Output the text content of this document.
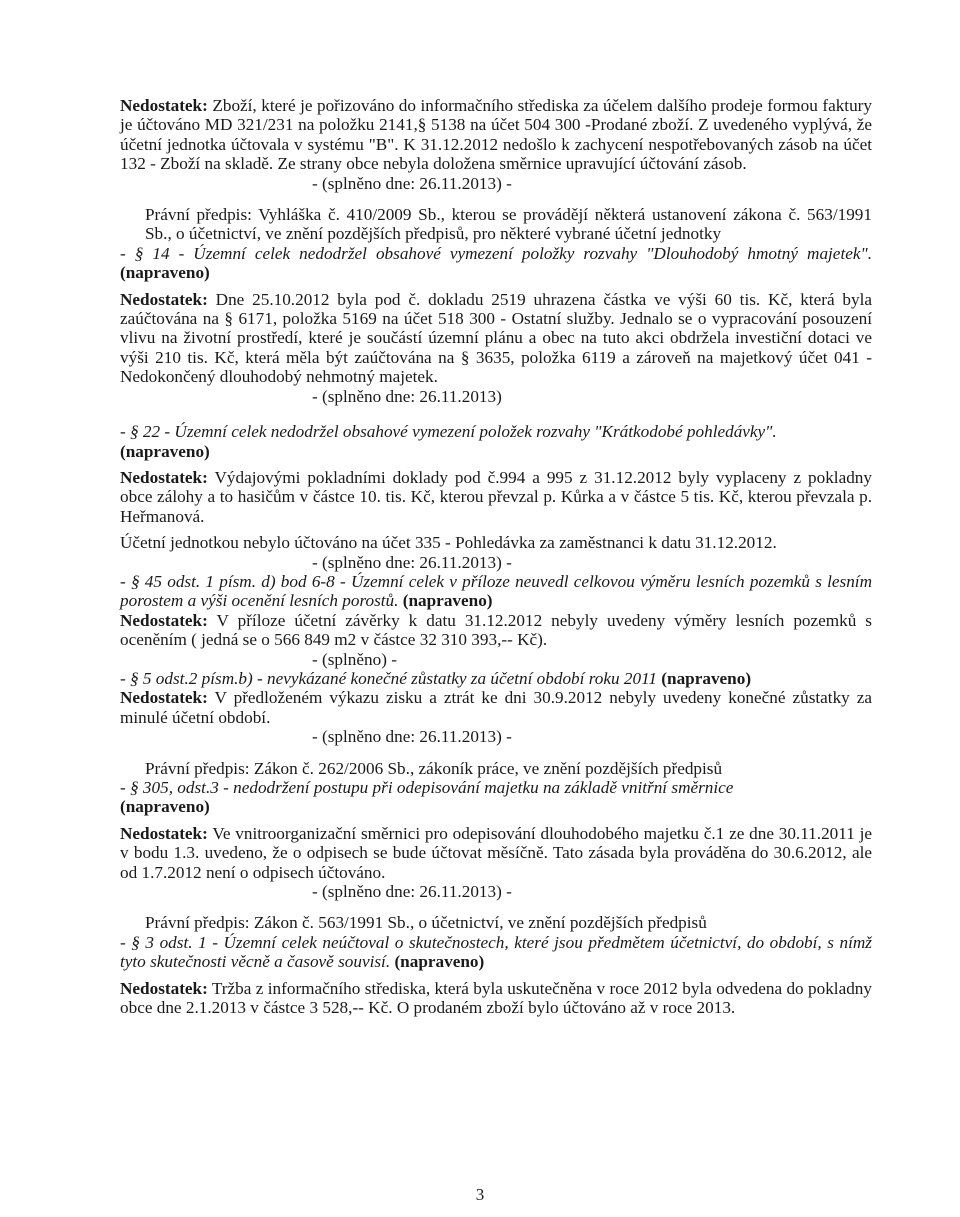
Nedostatek: Zboží, které je pořizováno do informačního střediska za účelem dalšího prodeje formou faktury je účtováno MD 321/231 na položku 2141,§ 5138 na účet 504 300 -Prodané zboží. Z uvedeného vyplývá, že účetní jednotka účtovala v systému "B". K 31.12.2012 nedošlo k zachycení nespotřebovaných zásob na účet 132 - Zboží na skladě. Ze strany obce nebyla doložena směrnice upravující účtování zásob.

- (splněno dne: 26.11.2013) -

Právní předpis: Vyhláška č. 410/2009 Sb., kterou se provádějí některá ustanovení zákona č. 563/1991 Sb., o účetnictví, ve znění pozdějších předpisů, pro některé vybrané účetní jednotky

- § 14 - Územní celek nedodržel obsahové vymezení položky rozvahy "Dlouhodobý hmotný majetek". (napraveno)

Nedostatek: Dne 25.10.2012 byla pod č. dokladu 2519 uhrazena částka ve výši 60 tis. Kč, která byla zaúčtována na § 6171, položka 5169 na účet 518 300 - Ostatní služby. Jednalo se o vypracování posouzení vlivu na životní prostředí, které je součástí územní plánu a obec na tuto akci obdržela investiční dotaci ve výši 210 tis. Kč, která měla být zaúčtována na § 3635, položka 6119 a zároveň na majetkový účet 041 - Nedokončený dlouhodobý nehmotný majetek.

- (splněno dne: 26.11.2013)

- § 22 - Územní celek nedodržel obsahové vymezení položek rozvahy "Krátkodobé pohledávky".
(napraveno)

Nedostatek: Výdajovými pokladními doklady pod č.994 a 995 z 31.12.2012 byly vyplaceny z pokladny obce zálohy a to hasičům v částce 10. tis. Kč, kterou převzal p. Kůrka a v částce 5 tis. Kč, kterou převzala p. Heřmanová.

Účetní jednotkou nebylo účtováno na účet 335 - Pohledávka za zaměstnanci k datu 31.12.2012.

- (splněno dne: 26.11.2013) -

- § 45 odst. 1 písm. d) bod 6-8 - Územní celek v příloze neuvedl celkovou výměru lesních pozemků s lesním porostem a výši ocenění lesních porostů. (napraveno)

Nedostatek: V příloze účetní závěrky k datu 31.12.2012 nebyly uvedeny výměry lesních pozemků s oceněním ( jedná se o 566 849 m2 v částce 32 310 393,-- Kč).

- (splněno) -

- § 5 odst.2 písm.b) - nevykázané konečné zůstatky za účetní období roku 2011 (napraveno)

Nedostatek: V předloženém výkazu zisku a ztrát ke dni 30.9.2012 nebyly uvedeny konečné zůstatky za minulé účetní období.

- (splněno dne: 26.11.2013) -

Právní předpis: Zákon č. 262/2006 Sb., zákoník práce, ve znění pozdějších předpisů

- § 305, odst.3 - nedodržení postupu při odepisování majetku na základě vnitřní směrnice
(napraveno)

Nedostatek: Ve vnitroorganizační směrnici pro odepisování dlouhodobého majetku č.1 ze dne 30.11.2011 je v bodu 1.3. uvedeno, že o odpisech se bude účtovat měsíčně. Tato zásada byla prováděna do 30.6.2012, ale od 1.7.2012 není o odpisech účtováno.

- (splněno dne: 26.11.2013) -

Právní předpis: Zákon č. 563/1991 Sb., o účetnictví, ve znění pozdějších předpisů

- § 3 odst. 1 - Územní celek neúčtoval o skutečnostech, které jsou předmětem účetnictví, do období, s nímž tyto skutečnosti věcně a časově souvisí. (napraveno)

Nedostatek: Tržba z informačního střediska, která byla uskutečněna v roce 2012 byla odvedena do pokladny obce dne 2.1.2013 v částce 3 528,-- Kč. O prodaném zboží bylo účtováno až v roce 2013.

3
